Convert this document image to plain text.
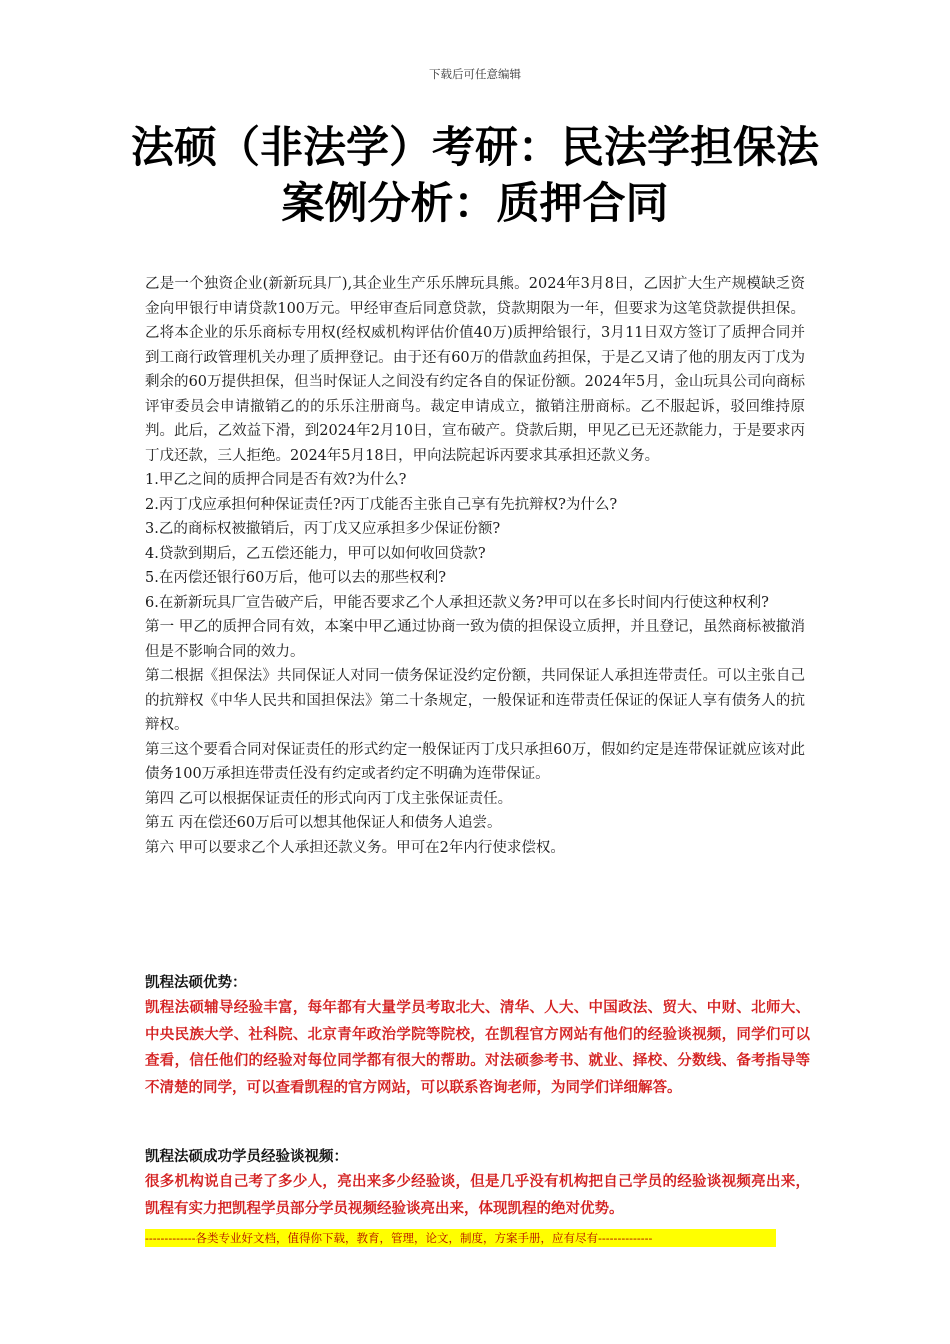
下载后可任意编辑
法硕（非法学）考研：民法学担保法案例分析：质押合同

乙是一个独资企业(新新玩具厂),其企业生产乐乐牌玩具熊。2024年3月8日，乙因扩大生产规模缺乏资金向甲银行申请贷款100万元。甲经审查后同意贷款，贷款期限为一年，但要求为这笔贷款提供担保。乙将本企业的乐乐商标专用权(经权威机构评估价值40万)质押给银行，3月11日双方签订了质押合同并到工商行政管理机关办理了质押登记。由于还有60万的借款血药担保，于是乙又请了他的朋友丙丁戊为剩余的60万提供担保，但当时保证人之间没有约定各自的保证份额。2024年5月，金山玩具公司向商标评审委员会申请撤销乙的的乐乐注册商鸟。裁定申请成立，撤销注册商标。乙不服起诉，驳回维持原判。此后，乙效益下滑，到2024年2月10日，宣布破产。贷款后期，甲见乙已无还款能力，于是要求丙丁戊还款，三人拒绝。2024年5月18日，甲向法院起诉丙要求其承担还款义务。

1.甲乙之间的质押合同是否有效?为什么?

2.丙丁戊应承担何种保证责任?丙丁戊能否主张自己享有先抗辩权?为什么?

3.乙的商标权被撤销后，丙丁戊又应承担多少保证份额?

4.贷款到期后，乙五偿还能力，甲可以如何收回贷款?

5.在丙偿还银行60万后，他可以去的那些权利?

6.在新新玩具厂宣告破产后，甲能否要求乙个人承担还款义务?甲可以在多长时间内行使这种权利?

第一 甲乙的质押合同有效，本案中甲乙通过协商一致为债的担保设立质押，并且登记，虽然商标被撤消但是不影响合同的效力。

第二根据《担保法》共同保证人对同一债务保证没约定份额，共同保证人承担连带责任。可以主张自己的抗辩权《中华人民共和国担保法》第二十条规定，一般保证和连带责任保证的保证人享有债务人的抗辩权。

第三这个要看合同对保证责任的形式约定一般保证丙丁戊只承担60万，假如约定是连带保证就应该对此债务100万承担连带责任没有约定或者约定不明确为连带保证。

第四 乙可以根据保证责任的形式向丙丁戊主张保证责任。

第五 丙在偿还60万后可以想其他保证人和债务人追尝。

第六 甲可以要求乙个人承担还款义务。甲可在2年内行使求偿权。

凯程法硕优势：

凯程法硕辅导经验丰富，每年都有大量学员考取北大、清华、人大、中国政法、贸大、中财、北师大、中央民族大学、社科院、北京青年政治学院等院校，在凯程官方网站有他们的经验谈视频，同学们可以查看，信任他们的经验对每位同学都有很大的帮助。对法硕参考书、就业、择校、分数线、备考指导等不清楚的同学，可以查看凯程的官方网站，可以联系咨询老师，为同学们详细解答。

凯程法硕成功学员经验谈视频：

很多机构说自己考了多少人，亮出来多少经验谈，但是几乎没有机构把自己学员的经验谈视频亮出来，凯程有实力把凯程学员部分学员视频经验谈亮出来，体现凯程的绝对优势。

-------------各类专业好文档，值得你下载，教育，管理，论文，制度，方案手册，应有尽有--------------
